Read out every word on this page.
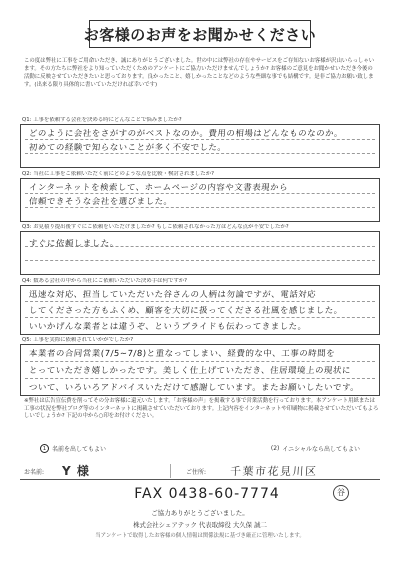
お客様のお声をお聞かせください
この度は弊社に工事をご用命いただき、誠にありがとうございました。世の中には弊社の存在やサービスをご存知ないお客様が沢山いらっしゃいます。その方たちに弊社をより知っていただくためのアンケートにご協力いただけませんでしょうか? お客様のご意見をお聞かせいただき今後の活動に反映させていただきたいと思っております。良かったこと、嬉しかったことなどのような些細な事でも結構です。是非ご協力お願い致します。(出来る限り具体的に書いていただければ幸いです)
Q1: 工事を依頼する会社を決める時にどんなことで悩みましたか?
どのように会社をさがすのがベストなのか。費用の相場はどんなものなのか。
初めての経験で知らないことが多く不安でした。
Q2: 当社に工事をご依頼いただく前にどのような点を比較・検討されましたか?
インターネットを検索して、ホームページの内容や文書表現から
信頼できそうな会社を選びました。
Q3: お見積り提出後すぐにご依頼をいただけましたか? もしご依頼されなかった方はどんな点が不安でしたか?
すぐに依頼しました。
Q4: 数ある会社の中から当社にご依頼いただいた決め手は何ですか?
迅速な対応、担当していただいた谷さんの人柄は勿論ですが、電話対応
してくださった方もふくめ、顧客を大切に扱ってくださる社風を感じました。
いいかげんな業者とは違うぞ、というプライドも伝わってきました。
Q5: 工事を実際に依頼されていかがでしたか?
本業者の合同営業(7/5~7/8)と重なってしまい、経費的な中、工事の時間を
とっていただき嬉しかったです。美しく仕上げていただき、住居環境上の現状に
ついて、いろいろアドバイスいただけて感謝しています。またお願いしたいです。
※弊社は広告宣伝費を削ってその分お客様に還元いたします。「お客様の声」を掲載する事で営業活動を行っております。本アンケート用紙または工事の状況を弊社ブログ等のインターネットに掲載させていただいております。上記内容をインターネットや印刷物に掲載させていただいてもよろしいでしょうか? 下記の中から○印をお付けください。
1 名前を出してもよい	(2) イニシャルなら出してもよい
お名前: Y 様	ご住所: 千葉市花見川区
FAX 0438-60-7774	谷
ご協力ありがとうございました。
株式会社シェアテック 代表取締役 大久保 誠二
当アンケートで取得したお客様の個人情報は関係法規に基づき厳正に管理いたします。
